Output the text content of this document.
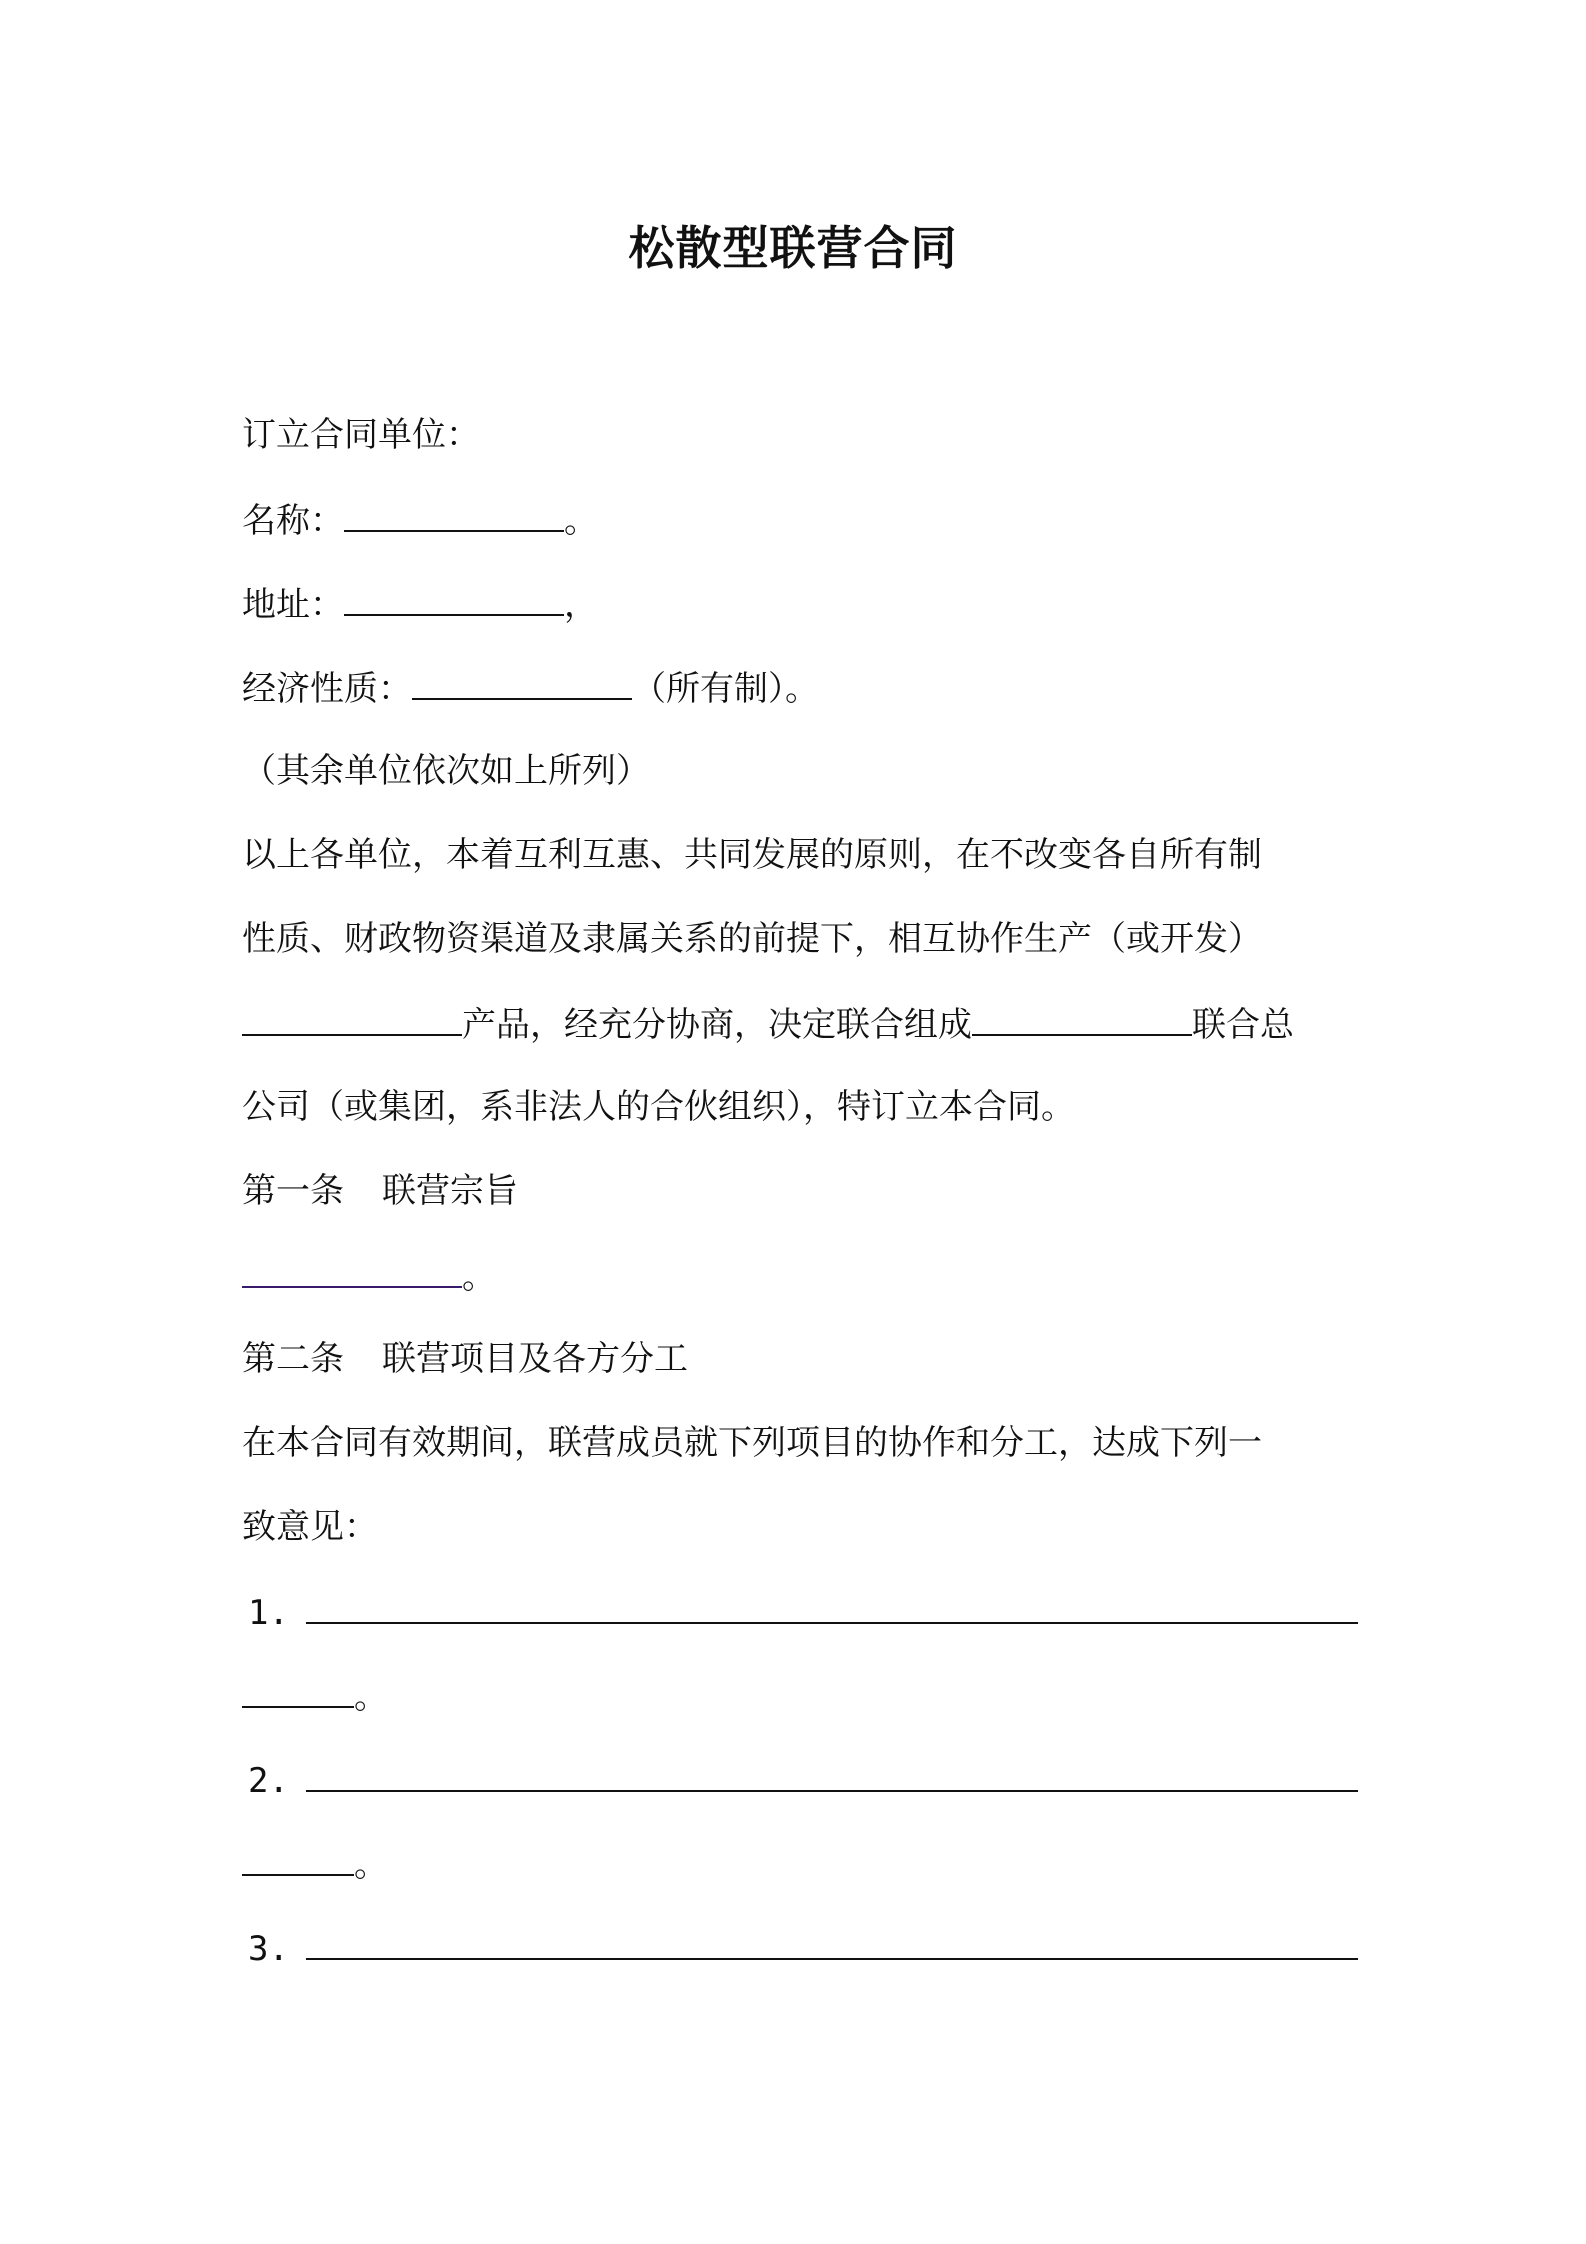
松散型联营合同
订立合同单位：
名称：	。
地址：	，
经济性质：	（所有制）。
（其余单位依次如上所列）
以上各单位，本着互利互惠、共同发展的原则，在不改变各自所有制
性质、财政物资渠道及隶属关系的前提下，相互协作生产（或开发）
产品，经充分协商，决定联合组成	联合总
公司（或集团，系非法人的合伙组织），特订立本合同。
第一条 联营宗旨
。
第二条 联营项目及各方分工
在本合同有效期间，联营成员就下列项目的协作和分工，达成下列一
致意见：
1.
。
2.
。
3.
